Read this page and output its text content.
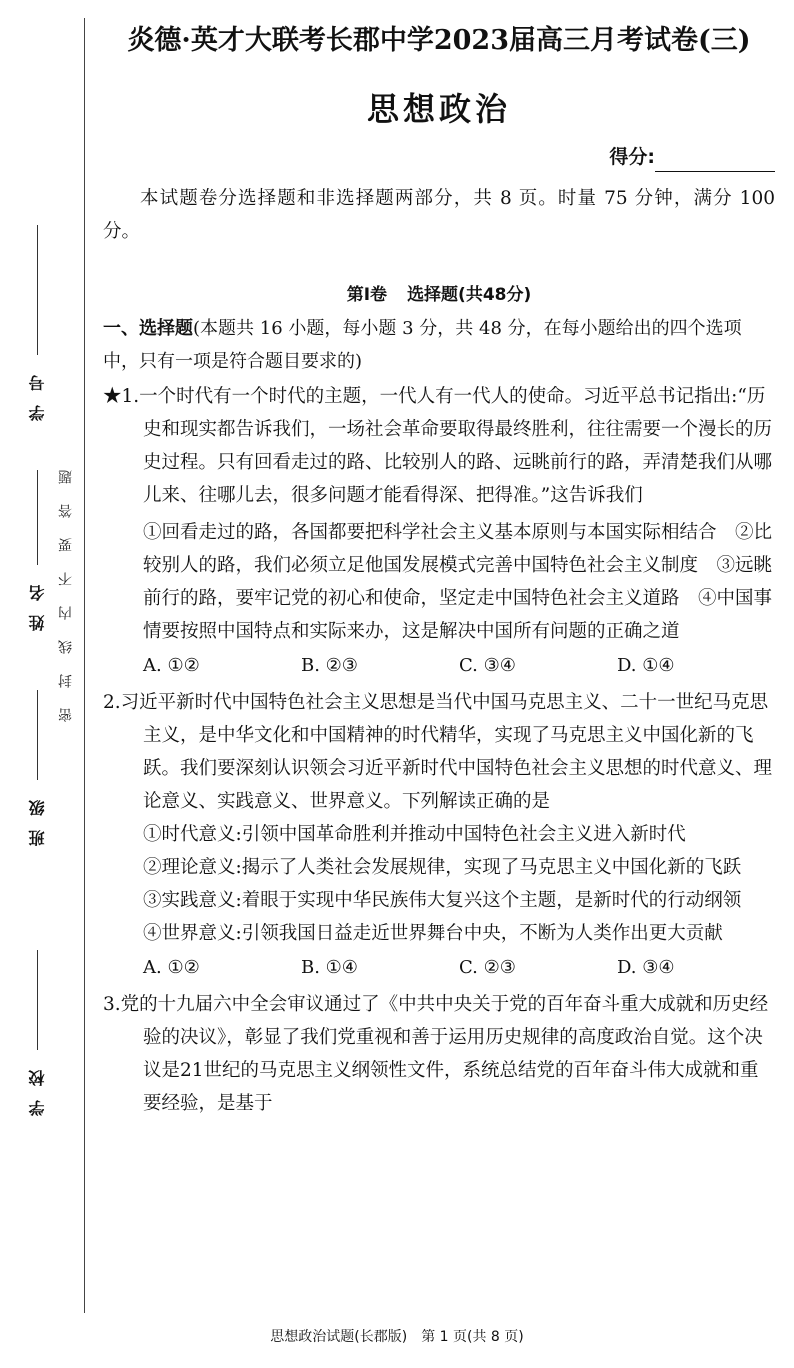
学号
姓名
班级
学校
密封线内不要答题
炎德·英才大联考长郡中学2023届高三月考试卷(三)
思想政治
得分:

本试题卷分选择题和非选择题两部分，共 8 页。时量 75 分钟，满分 100 分。

第Ⅰ卷 选择题(共48分)

一、选择题(本题共 16 小题，每小题 3 分，共 48 分，在每小题给出的四个选项中，只有一项是符合题目要求的)

★1.一个时代有一个时代的主题，一代人有一代人的使命。习近平总书记指出:“历史和现实都告诉我们，一场社会革命要取得最终胜利，往往需要一个漫长的历史过程。只有回看走过的路、比较别人的路、远眺前行的路，弄清楚我们从哪儿来、往哪儿去，很多问题才能看得深、把得准。”这告诉我们
①回看走过的路，各国都要把科学社会主义基本原则与本国实际相结合　②比较别人的路，我们必须立足他国发展模式完善中国特色社会主义制度　③远眺前行的路，要牢记党的初心和使命，坚定走中国特色社会主义道路　④中国事情要按照中国特点和实际来办，这是解决中国所有问题的正确之道
A. ①②	B. ②③	C. ③④	D. ①④
2.习近平新时代中国特色社会主义思想是当代中国马克思主义、二十一世纪马克思主义，是中华文化和中国精神的时代精华，实现了马克思主义中国化新的飞跃。我们要深刻认识领会习近平新时代中国特色社会主义思想的时代意义、理论意义、实践意义、世界意义。下列解读正确的是
①时代意义:引领中国革命胜利并推动中国特色社会主义进入新时代
②理论意义:揭示了人类社会发展规律，实现了马克思主义中国化新的飞跃　③实践意义:着眼于实现中华民族伟大复兴这个主题，是新时代的行动纲领　④世界意义:引领我国日益走近世界舞台中央，不断为人类作出更大贡献
A. ①②	B. ①④	C. ②③	D. ③④
3.党的十九届六中全会审议通过了《中共中央关于党的百年奋斗重大成就和历史经验的决议》，彰显了我们党重视和善于运用历史规律的高度政治自觉。这个决议是21世纪的马克思主义纲领性文件，系统总结党的百年奋斗伟大成就和重要经验，是基于
思想政治试题(长郡版)　第 1 页(共 8 页)
